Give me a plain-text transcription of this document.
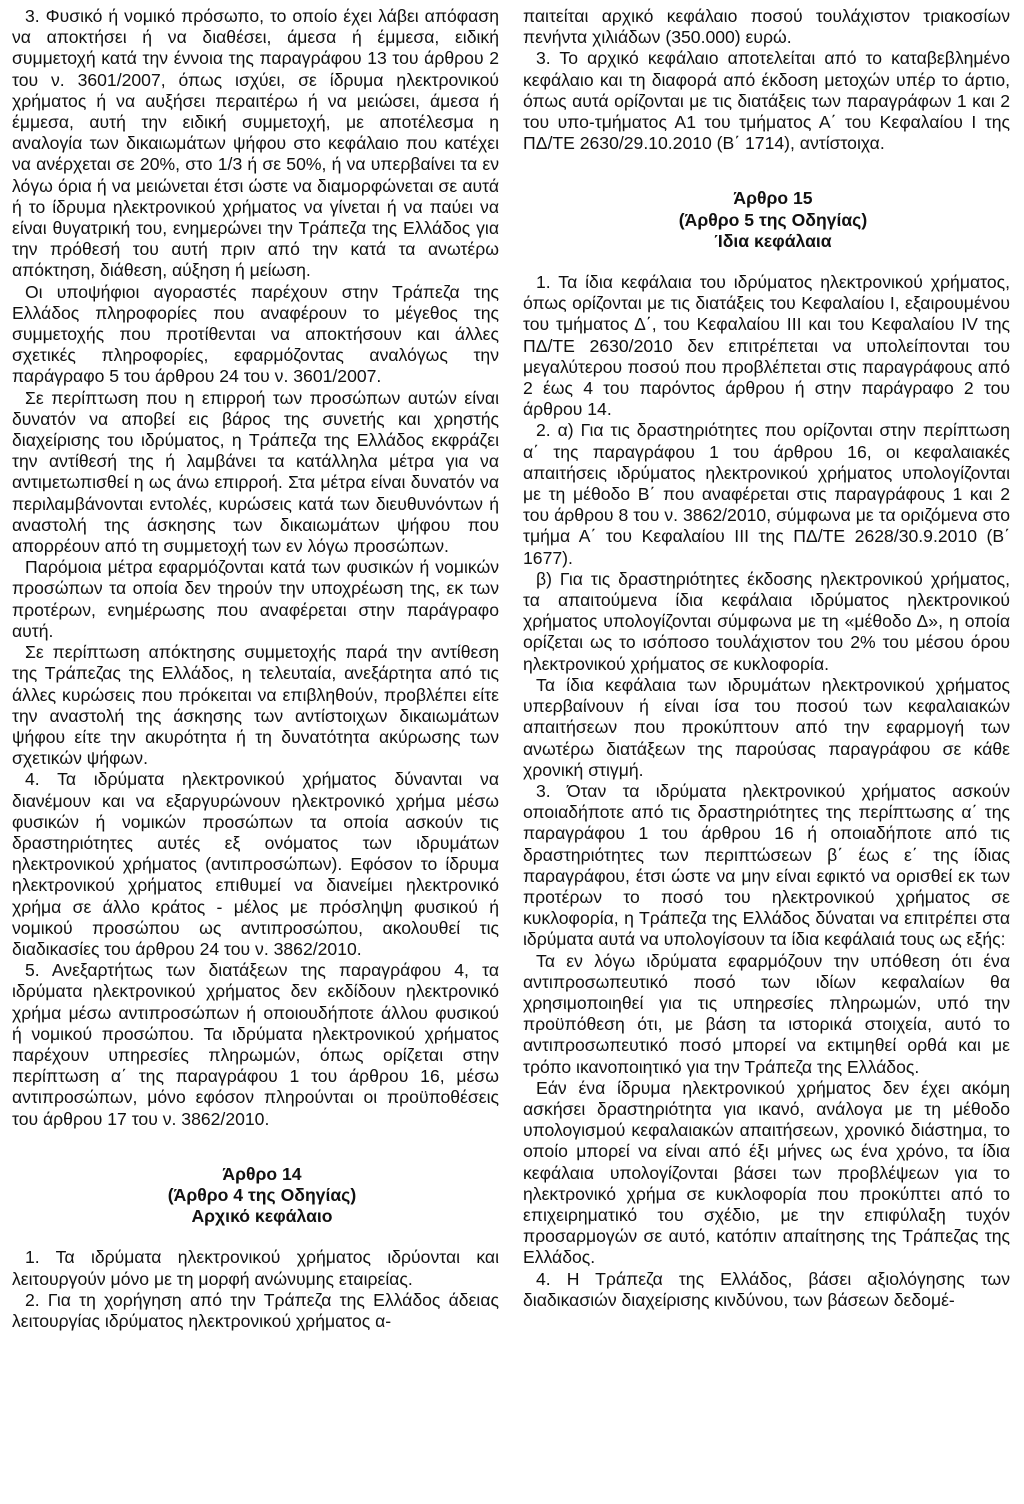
3. Φυσικό ή νομικό πρόσωπο, το οποίο έχει λάβει απόφαση να αποκτήσει ή να διαθέσει, άμεσα ή έμμεσα, ειδική συμμετοχή κατά την έννοια της παραγράφου 13 του άρθρου 2 του ν. 3601/2007, όπως ισχύει, σε ίδρυμα ηλεκτρονικού χρήματος ή να αυξήσει περαιτέρω ή να μειώσει, άμεσα ή έμμεσα, αυτή την ειδική συμμετοχή, με αποτέλεσμα η αναλογία των δικαιωμάτων ψήφου στο κεφάλαιο που κατέχει να ανέρχεται σε 20%, στο 1/3 ή σε 50%, ή να υπερβαίνει τα εν λόγω όρια ή να μειώνεται έτσι ώστε να διαμορφώνεται σε αυτά ή το ίδρυμα ηλεκτρονικού χρήματος να γίνεται ή να παύει να είναι θυγατρική του, ενημερώνει την Τράπεζα της Ελλάδος για την πρόθεσή του αυτή πριν από την κατά τα ανωτέρω απόκτηση, διάθεση, αύξηση ή μείωση.

Οι υποψήφιοι αγοραστές παρέχουν στην Τράπεζα της Ελλάδος πληροφορίες που αναφέρουν το μέγεθος της συμμετοχής που προτίθενται να αποκτήσουν και άλλες σχετικές πληροφορίες, εφαρμόζοντας αναλόγως την παράγραφο 5 του άρθρου 24 του ν. 3601/2007.

Σε περίπτωση που η επιρροή των προσώπων αυτών είναι δυνατόν να αποβεί εις βάρος της συνετής και χρηστής διαχείρισης του ιδρύματος, η Τράπεζα της Ελλάδος εκφράζει την αντίθεσή της ή λαμβάνει τα κατάλληλα μέτρα για να αντιμετωπισθεί η ως άνω επιρροή. Στα μέτρα είναι δυνατόν να περιλαμβάνονται εντολές, κυρώσεις κατά των διευθυνόντων ή αναστολή της άσκησης των δικαιωμάτων ψήφου που απορρέουν από τη συμμετοχή των εν λόγω προσώπων.

Παρόμοια μέτρα εφαρμόζονται κατά των φυσικών ή νομικών προσώπων τα οποία δεν τηρούν την υποχρέωση της, εκ των προτέρων, ενημέρωσης που αναφέρεται στην παράγραφο αυτή.

Σε περίπτωση απόκτησης συμμετοχής παρά την αντίθεση της Τράπεζας της Ελλάδος, η τελευταία, ανεξάρτητα από τις άλλες κυρώσεις που πρόκειται να επιβληθούν, προβλέπει είτε την αναστολή της άσκησης των αντίστοιχων δικαιωμάτων ψήφου είτε την ακυρότητα ή τη δυνατότητα ακύρωσης των σχετικών ψήφων.

4. Τα ιδρύματα ηλεκτρονικού χρήματος δύνανται να διανέμουν και να εξαργυρώνουν ηλεκτρονικό χρήμα μέσω φυσικών ή νομικών προσώπων τα οποία ασκούν τις δραστηριότητες αυτές εξ ονόματος των ιδρυμάτων ηλεκτρονικού χρήματος (αντιπροσώπων). Εφόσον το ίδρυμα ηλεκτρονικού χρήματος επιθυμεί να διανείμει ηλεκτρονικό χρήμα σε άλλο κράτος - μέλος με πρόσληψη φυσικού ή νομικού προσώπου ως αντιπροσώπου, ακολουθεί τις διαδικασίες του άρθρου 24 του ν. 3862/2010.

5. Ανεξαρτήτως των διατάξεων της παραγράφου 4, τα ιδρύματα ηλεκτρονικού χρήματος δεν εκδίδουν ηλεκτρονικό χρήμα μέσω αντιπροσώπων ή οποιουδήποτε άλλου φυσικού ή νομικού προσώπου. Τα ιδρύματα ηλεκτρονικού χρήματος παρέχουν υπηρεσίες πληρωμών, όπως ορίζεται στην περίπτωση α΄ της παραγράφου 1 του άρθρου 16, μέσω αντιπροσώπων, μόνο εφόσον πληρούνται οι προϋποθέσεις του άρθρου 17 του ν. 3862/2010.

Άρθρο 14

(Άρθρο 4 της Οδηγίας)

Αρχικό κεφάλαιο

1. Τα ιδρύματα ηλεκτρονικού χρήματος ιδρύονται και λειτουργούν μόνο με τη μορφή ανώνυμης εταιρείας.

2. Για τη χορήγηση από την Τράπεζα της Ελλάδος άδειας λειτουργίας ιδρύματος ηλεκτρονικού χρήματος α-

παιτείται αρχικό κεφάλαιο ποσού τουλάχιστον τριακοσίων πενήντα χιλιάδων (350.000) ευρώ.

3. Το αρχικό κεφάλαιο αποτελείται από το καταβεβλημένο κεφάλαιο και τη διαφορά από έκδοση μετοχών υπέρ το άρτιο, όπως αυτά ορίζονται με τις διατάξεις των παραγράφων 1 και 2 του υπο-τμήματος Α1 του τμήματος Α΄ του Κεφαλαίου Ι της ΠΔ/ΤΕ 2630/29.10.2010 (Β΄ 1714), αντίστοιχα.

Άρθρο 15

(Άρθρο 5 της Οδηγίας)

Ίδια κεφάλαια

1. Τα ίδια κεφάλαια του ιδρύματος ηλεκτρονικού χρήματος, όπως ορίζονται με τις διατάξεις του Κεφαλαίου Ι, εξαιρουμένου του τμήματος Δ΄, του Κεφαλαίου ΙΙΙ και του Κεφαλαίου ΙV της ΠΔ/ΤΕ 2630/2010 δεν επιτρέπεται να υπολείπονται του μεγαλύτερου ποσού που προβλέπεται στις παραγράφους από 2 έως 4 του παρόντος άρθρου ή στην παράγραφο 2 του άρθρου 14.

2. α) Για τις δραστηριότητες που ορίζονται στην περίπτωση α΄ της παραγράφου 1 του άρθρου 16, οι κεφαλαιακές απαιτήσεις ιδρύματος ηλεκτρονικού χρήματος υπολογίζονται με τη μέθοδο Β΄ που αναφέρεται στις παραγράφους 1 και 2 του άρθρου 8 του ν. 3862/2010, σύμφωνα με τα οριζόμενα στο τμήμα Α΄ του Κεφαλαίου ΙΙΙ της ΠΔ/ΤΕ 2628/30.9.2010 (Β΄ 1677).

β) Για τις δραστηριότητες έκδοσης ηλεκτρονικού χρήματος, τα απαιτούμενα ίδια κεφάλαια ιδρύματος ηλεκτρονικού χρήματος υπολογίζονται σύμφωνα με τη «μέθοδο Δ», η οποία ορίζεται ως το ισόποσο τουλάχιστον του 2% του μέσου όρου ηλεκτρονικού χρήματος σε κυκλοφορία.

Τα ίδια κεφάλαια των ιδρυμάτων ηλεκτρονικού χρήματος υπερβαίνουν ή είναι ίσα του ποσού των κεφαλαιακών απαιτήσεων που προκύπτουν από την εφαρμογή των ανωτέρω διατάξεων της παρούσας παραγράφου σε κάθε χρονική στιγμή.

3. Όταν τα ιδρύματα ηλεκτρονικού χρήματος ασκούν οποιαδήποτε από τις δραστηριότητες της περίπτωσης α΄ της παραγράφου 1 του άρθρου 16 ή οποιαδήποτε από τις δραστηριότητες των περιπτώσεων β΄ έως ε΄ της ίδιας παραγράφου, έτσι ώστε να μην είναι εφικτό να ορισθεί εκ των προτέρων το ποσό του ηλεκτρονικού χρήματος σε κυκλοφορία, η Τράπεζα της Ελλάδος δύναται να επιτρέπει στα ιδρύματα αυτά να υπολογίσουν τα ίδια κεφάλαιά τους ως εξής:

Τα εν λόγω ιδρύματα εφαρμόζουν την υπόθεση ότι ένα αντιπροσωπευτικό ποσό των ιδίων κεφαλαίων θα χρησιμοποιηθεί για τις υπηρεσίες πληρωμών, υπό την προϋπόθεση ότι, με βάση τα ιστορικά στοιχεία, αυτό το αντιπροσωπευτικό ποσό μπορεί να εκτιμηθεί ορθά και με τρόπο ικανοποιητικό για την Τράπεζα της Ελλάδος.

Εάν ένα ίδρυμα ηλεκτρονικού χρήματος δεν έχει ακόμη ασκήσει δραστηριότητα για ικανό, ανάλογα με τη μέθοδο υπολογισμού κεφαλαιακών απαιτήσεων, χρονικό διάστημα, το οποίο μπορεί να είναι από έξι μήνες ως ένα χρόνο, τα ίδια κεφάλαια υπολογίζονται βάσει των προβλέψεων για το ηλεκτρονικό χρήμα σε κυκλοφορία που προκύπτει από το επιχειρηματικό του σχέδιο, με την επιφύλαξη τυχόν προσαρμογών σε αυτό, κατόπιν απαίτησης της Τράπεζας της Ελλάδος.

4. Η Τράπεζα της Ελλάδος, βάσει αξιολόγησης των διαδικασιών διαχείρισης κινδύνου, των βάσεων δεδομέ-
